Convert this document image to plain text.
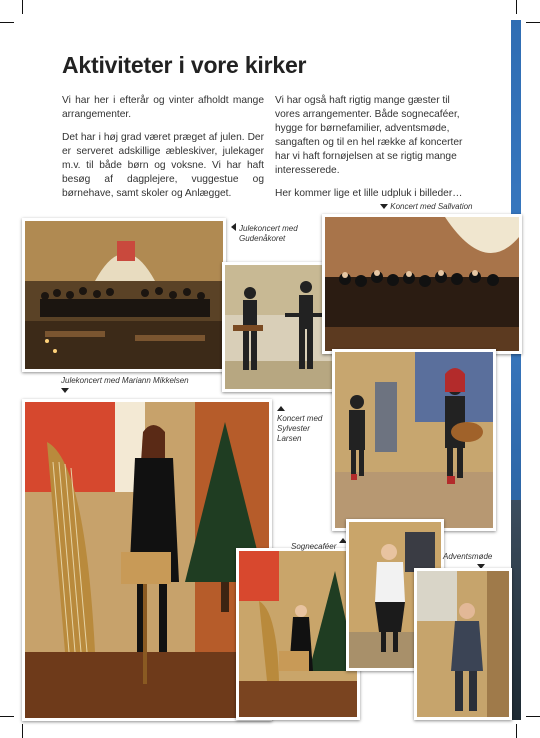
Aktiviteter i vore kirker

Vi har her i efterår og vinter afholdt mange arrangementer.

Det har i høj grad været præget af julen. Der er serveret adskillige æbleskiver, julekager m.v. til både børn og voksne. Vi har haft besøg af dagplejere, vuggestue og børnehave, samt skoler og Anlægget.

Vi har også haft rigtig mange gæster til vores arrangementer. Både sognecaféer, hygge for børnefamilier, adventsmøde, sangaften og til en hel række af koncerter har vi haft fornøjelsen at se rigtig mange interesserede.

Her kommer lige et lille udpluk i billeder…

Koncert med Sallvation
Julekoncert med
Gudenåkoret
Julekoncert med Mariann Mikkelsen

Koncert med
Sylvester
Larsen
Sognecaféer
Adventsmøde
